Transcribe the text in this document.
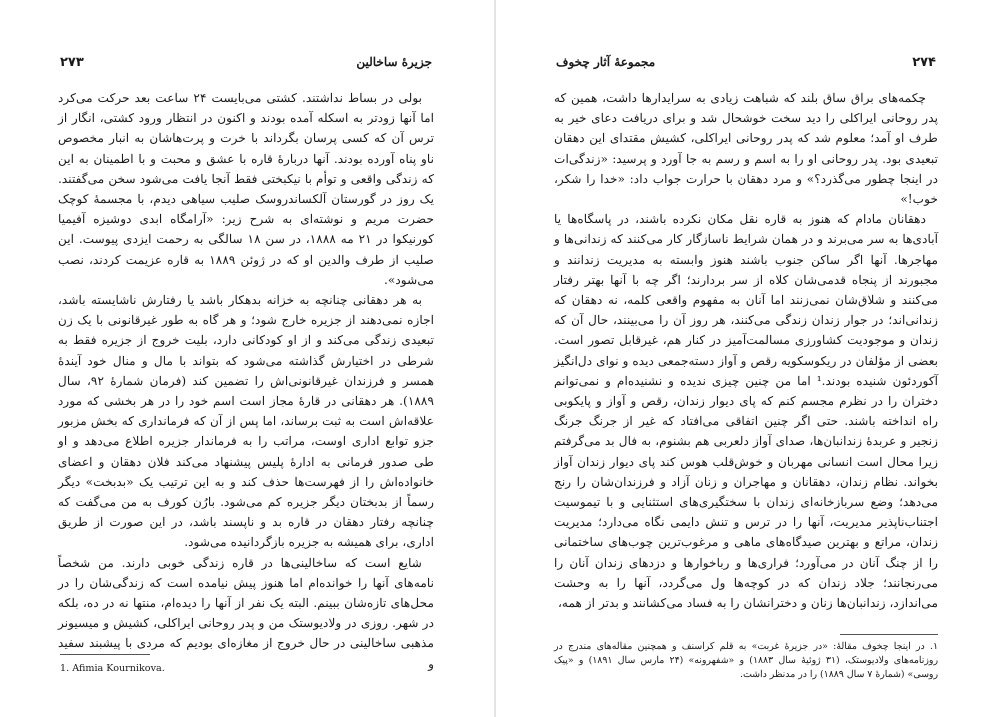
۲۷۳	جزیرهٔ ساخالین

بولی در بساط نداشتند. کشتی می‌بایست ۲۴ ساعت بعد حرکت می‌کرد اما آنها زودتر به اسکله آمده بودند و اکنون در انتظار ورود کشتی، انگار از ترس آن که کسی پرسان بگرداند با خرت و پرت‌هاشان به انبار مخصوص ناو پناه آورده بودند. آنها دربارهٔ قاره با عشق و محبت و با اطمینان به این که زندگی واقعی و توأم با نیکبختی فقط آنجا یافت می‌شود سخن می‌گفتند. یک روز در گورستان آلکساندروسک صلیب سیاهی دیدم، با مجسمهٔ کوچک حضرت مریم و نوشته‌ای به شرح زیر: «آرامگاه ابدی دوشیزه آفیمیا کورنیکوا در ۲۱ مه ۱۸۸۸، در سن ۱۸ سالگی به رحمت ایزدی پیوست. این صلیب از طرف والدین او که در ژوئن ۱۸۸۹ به قاره عزیمت کردند، نصب می‌شود».

به هر دهقانی چنانچه به خزانه بدهکار باشد یا رفتارش ناشایسته باشد، اجازه نمی‌دهند از جزیره خارج شود؛ و هر گاه به طور غیرقانونی با یک زن تبعیدی زندگی می‌کند و از او کودکانی دارد، بلیت خروج از جزیره فقط به شرطی در اختیارش گذاشته می‌شود که بتواند با مال و منال خود آیندهٔ همسر و فرزندان غیرقانونی‌اش را تضمین کند (فرمان شمارهٔ ۹۲، سال ۱۸۸۹). هر دهقانی در قارهٔ مجاز است اسم خود را در هر بخشی که مورد علاقه‌اش است به ثبت برساند، اما پس از آن که فرمانداری که بخش مزبور جزو توابع اداری اوست، مراتب را به فرماندار جزیره اطلاع می‌دهد و او طی صدور فرمانی به ادارهٔ پلیس پیشنهاد می‌کند فلان دهقان و اعضای خانواده‌اش را از فهرست‌ها حذف کند و به این ترتیب یک «بدبخت» دیگر رسماً از بدبختان دیگر جزیره کم می‌شود. بارُن کورف به من می‌گفت که چنانچه رفتار دهقان در قاره بد و ناپسند باشد، در این صورت از طریق اداری، برای همیشه به جزیره بازگردانیده می‌شود.

شایع است که ساخالینی‌ها در قاره زندگی خوبی دارند. من شخصاً نامه‌های آنها را خوانده‌ام اما هنوز پیش نیامده است که زندگی‌شان را در محل‌های تازه‌شان ببینم. البته یک نفر از آنها را دیده‌ام، منتها نه در ده، بلکه در شهر. روزی در ولادیوستک من و پدر روحانی ایراکلی، کشیش و میسیونر مذهبی ساخالینی در حال خروج از مغازه‌ای بودیم که مردی با پیشبند سفید و

1. Afimia Kournikova.
مجموعهٔ آثار چخوف	۲۷۴

چکمه‌های براق ساق بلند که شباهت زیادی به سرایدارها داشت، همین که پدر روحانی ایراکلی را دید سخت خوشحال شد و برای دریافت دعای خیر به طرف او آمد؛ معلوم شد که پدر روحانی ایراکلی، کشیش مقتدای این دهقان تبعیدی بود. پدر روحانی او را به اسم و رسم به جا آورد و پرسید: «زندگی‌ات در اینجا چطور می‌گذرد؟» و مرد دهقان با حرارت جواب داد: «خدا را شکر، خوب!»

دهقانان مادام که هنوز به قاره نقل مکان نکرده باشند، در پاسگاه‌ها یا آبادی‌ها به سر می‌برند و در همان شرایط ناسازگار کار می‌کنند که زندانی‌ها و مهاجرها. آنها اگر ساکن جنوب باشند هنوز وابسته به مدیریت زندانند و مجبورند از پنجاه قدمی‌شان کلاه از سر بردارند؛ اگر چه با آنها بهتر رفتار می‌کنند و شلاق‌شان نمی‌زنند اما آنان به مفهوم واقعی کلمه، نه دهقان که زندانی‌اند؛ در جوار زندان زندگی می‌کنند، هر روز آن را می‌بینند، حال آن که زندان و موجودیت کشاورزی مسالمت‌آمیز در کنار هم، غیرقابل تصور است. بعضی از مؤلفان در ریکوسکویه رقص و آواز دسته‌جمعی دیده و نوای دل‌انگیز آکوردئون شنیده بودند.¹ اما من چنین چیزی ندیده و نشنیده‌ام و نمی‌توانم دختران را در نظرم مجسم کنم که پای دیوار زندان، رقص و آواز و پایکوبی راه انداخته باشند. حتی اگر چنین اتفاقی می‌افتاد که غیر از جرنگ جرنگ زنجیر و عربدهٔ زندانبان‌ها، صدای آواز دلعربی هم بشنوم، به فال بد می‌گرفتم زیرا محال است انسانی مهربان و خوش‌قلب هوس کند پای دیوار زندان آواز بخواند. نظام زندان، دهقانان و مهاجران و زنان آزاد و فرزندان‌شان را رنج می‌دهد؛ وضع سربازخانه‌ای زندان با سختگیری‌های استثنایی و با تیموسیت اجتناب‌ناپذیر مدیریت، آنها را در ترس و تنش دایمی نگاه می‌دارد؛ مدیریت زندان، مراتع و بهترین صیدگاه‌های ماهی و مرغوب‌ترین چوب‌های ساختمانی را از چنگ آنان در می‌آورد؛ فراری‌ها و رباخوارها و دزدهای زندان آنان را می‌رنجانند؛ جلاد زندان که در کوچه‌ها ول می‌گردد، آنها را به وحشت می‌اندازد، زندانبان‌ها زنان و دخترانشان را به فساد می‌کشانند و بدتر از همه،

۱. در اینجا چخوف مقالهٔ: «در جزیرهٔ غربت» به قلم کراسنف و همچنین مقاله‌های مندرج در روزنامه‌های ولادیوستک، (۳۱ ژوئیهٔ سال ۱۸۸۳) و «شفهرونه» (۲۴ مارس سال ۱۸۹۱) و «پیک روسی» (شمارهٔ ۷ سال ۱۸۸۹) را در مدنظر داشت.
